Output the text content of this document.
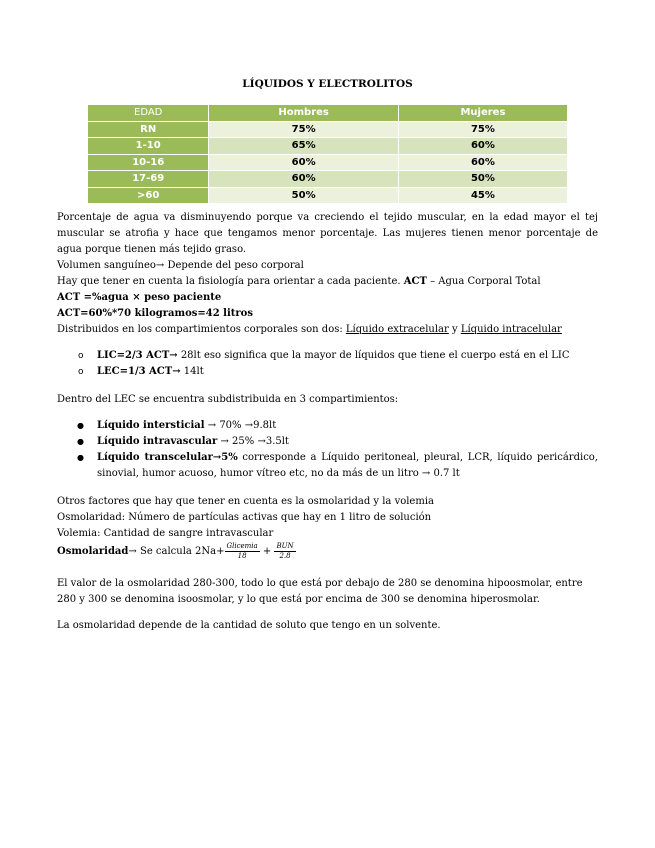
LÍQUIDOS Y ELECTROLITOS
EDAD	Hombres	Mujeres
RN	75%	75%
1-10	65%	60%
10-16	60%	60%
17-69	60%	50%
>60	50%	45%
Porcentaje de agua va disminuyendo porque va creciendo el tejido muscular, en la edad mayor el tej muscular se atrofia y hace que tengamos menor porcentaje. Las mujeres tienen menor porcentaje de agua porque tienen más tejido graso.
Volumen sanguíneo→ Depende del peso corporal
Hay que tener en cuenta la fisiología para orientar a cada paciente. ACT – Agua Corporal Total
ACT =%agua × peso paciente
ACT=60%*70 kilogramos=42 litros
Distribuidos en los compartimientos corporales son dos: Líquido extracelular y Líquido intracelular
o LIC=2/3 ACT→ 28lt eso significa que la mayor de líquidos que tiene el cuerpo está en el LIC
o LEC=1/3 ACT→ 14lt
Dentro del LEC se encuentra subdistribuida en 3 compartimientos:
● Líquido intersticial → 70% →9.8lt
● Líquido intravascular → 25% →3.5lt
● Líquido transcelular→5% corresponde a Líquido peritoneal, pleural, LCR, líquido pericárdico, sinovial, humor acuoso, humor vítreo etc, no da más de un litro → 0.7 lt
Otros factores que hay que tener en cuenta es la osmolaridad y la volemia
Osmolaridad: Número de partículas activas que hay en 1 litro de solución
Volemia: Cantidad de sangre intravascular
Osmolaridad→ Se calcula $2Na+ \frac{\text{Glicemia}}{18} + \frac{\text{BUN}}{2.8}$
El valor de la osmolaridad 280-300, todo lo que está por debajo de 280 se denomina hipoosmolar, entre 280 y 300 se denomina isoosmolar, y lo que está por encima de 300 se denomina hiperosmolar.
La osmolaridad depende de la cantidad de soluto que tengo en un solvente.
